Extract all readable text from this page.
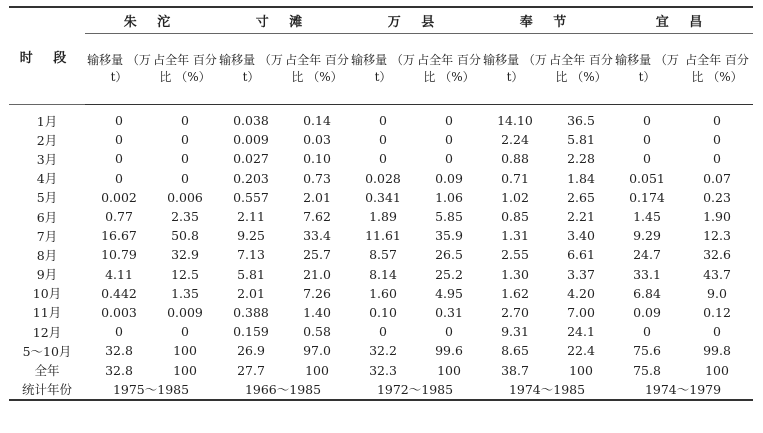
时 段	朱 沱		寸 滩		万 县		奉 节		宜 昌	
	输移量 （万 t）	占全年 百分比 （%）	输移量 （万 t）	占全年 百分比 （%）	输移量 （万 t）	占全年 百分比 （%）	输移量 （万 t）	占全年 百分比 （%）	输移量 （万 t）	占全年 百分比 （%）
1月	0	0	0.038	0.14	0	0	14.10	36.5	0	0
2月	0	0	0.009	0.03	0	0	2.24	5.81	0	0
3月	0	0	0.027	0.10	0	0	0.88	2.28	0	0
4月	0	0	0.203	0.73	0.028	0.09	0.71	1.84	0.051	0.07
5月	0.002	0.006	0.557	2.01	0.341	1.06	1.02	2.65	0.174	0.23
6月	0.77	2.35	2.11	7.62	1.89	5.85	0.85	2.21	1.45	1.90
7月	16.67	50.8	9.25	33.4	11.61	35.9	1.31	3.40	9.29	12.3
8月	10.79	32.9	7.13	25.7	8.57	26.5	2.55	6.61	24.7	32.6
9月	4.11	12.5	5.81	21.0	8.14	25.2	1.30	3.37	33.1	43.7
10月	0.442	1.35	2.01	7.26	1.60	4.95	1.62	4.20	6.84	9.0
11月	0.003	0.009	0.388	1.40	0.10	0.31	2.70	7.00	0.09	0.12
12月	0	0	0.159	0.58	0	0	9.31	24.1	0	0
5～10月	32.8	100	26.9	97.0	32.2	99.6	8.65	22.4	75.6	99.8
全年	32.8	100	27.7	100	32.3	100	38.7	100	75.8	100
统计年份	1975～1985		1966～1985		1972～1985		1974～1985		1974～1979	
